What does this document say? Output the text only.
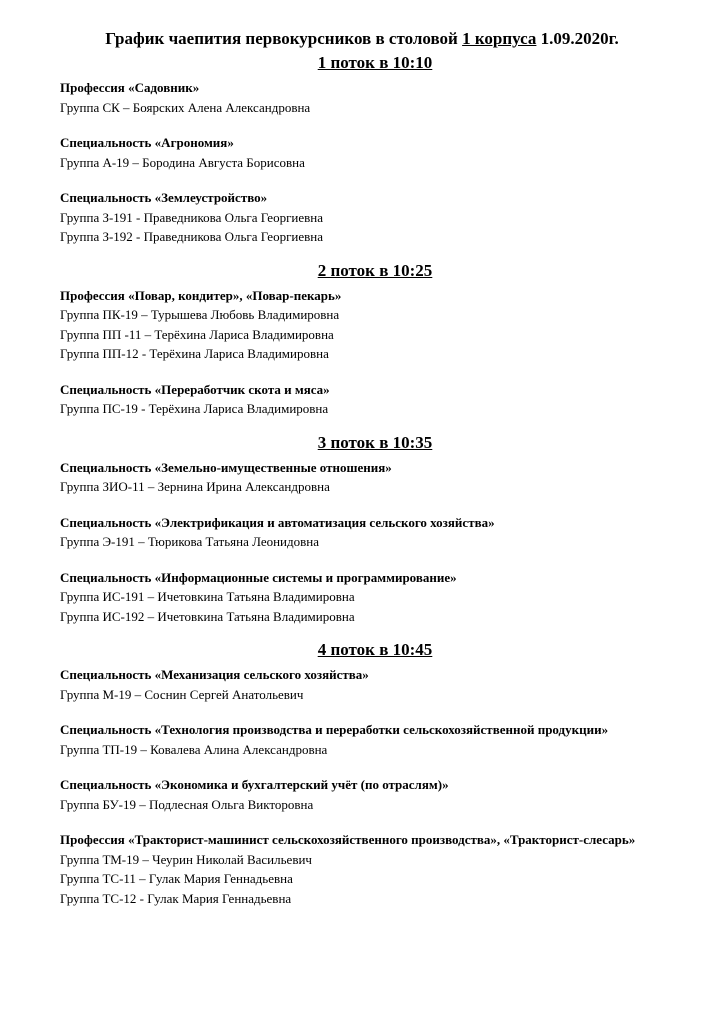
График чаепития первокурсников в столовой 1 корпуса 1.09.2020г.
1 поток в 10:10
Профессия «Садовник»
Группа СК – Боярских Алена Александровна
Специальность «Агрономия»
Группа А-19 – Бородина Августа Борисовна
Специальность «Землеустройство»
Группа З-191 - Праведникова Ольга Георгиевна
Группа З-192 - Праведникова Ольга Георгиевна
2 поток в 10:25
Профессия «Повар, кондитер», «Повар-пекарь»
Группа ПК-19 – Турышева Любовь Владимировна
Группа ПП -11 – Терёхина Лариса Владимировна
Группа ПП-12 - Терёхина Лариса Владимировна
Специальность «Переработчик скота и мяса»
Группа ПС-19 - Терёхина Лариса Владимировна
3 поток в 10:35
Специальность «Земельно-имущественные отношения»
Группа ЗИО-11 – Зернина Ирина Александровна
Специальность «Электрификация и автоматизация сельского хозяйства»
Группа Э-191 – Тюрикова Татьяна Леонидовна
Специальность «Информационные системы и программирование»
Группа ИС-191 – Ичетовкина Татьяна Владимировна
Группа ИС-192 – Ичетовкина Татьяна Владимировна
4 поток в 10:45
Специальность «Механизация сельского хозяйства»
Группа М-19 – Соснин Сергей Анатольевич
Специальность «Технология производства и переработки сельскохозяйственной продукции»
Группа ТП-19 – Ковалева Алина Александровна
Специальность «Экономика и бухгалтерский учёт (по отраслям)»
Группа БУ-19 – Подлесная Ольга Викторовна
Профессия «Тракторист-машинист сельскохозяйственного производства», «Тракторист-слесарь»
Группа ТМ-19 – Чеурин Николай Васильевич
Группа ТС-11 – Гулак Мария Геннадьевна
Группа ТС-12 - Гулак Мария Геннадьевна
